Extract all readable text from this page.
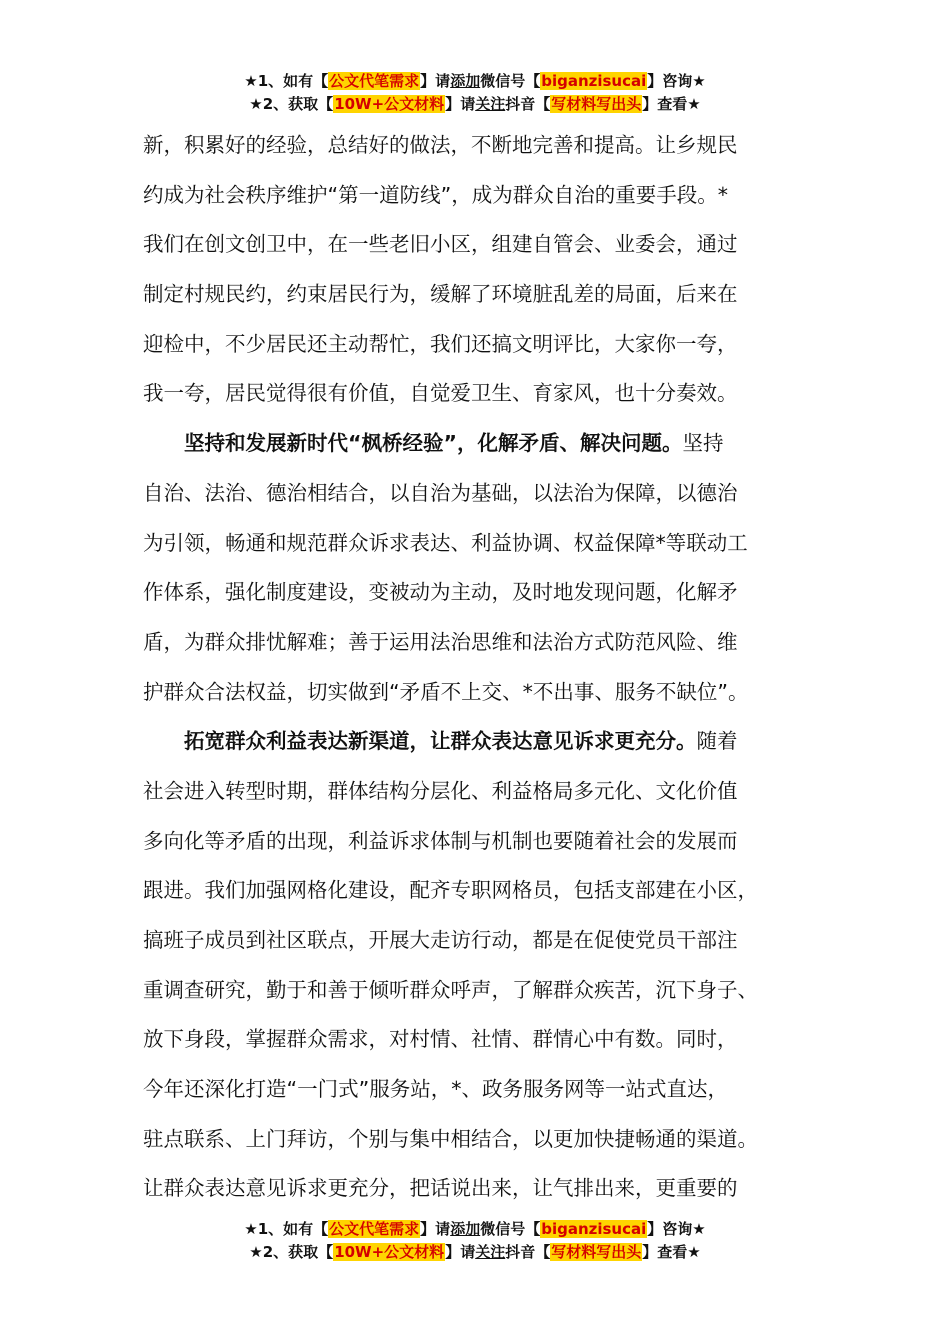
★1、如有【公文代笔需求】请添加微信号【biganzisucai】咨询★
★2、获取【10W+公文材料】请关注抖音【写材料写出头】查看★
新，积累好的经验，总结好的做法，不断地完善和提高。让乡规民
约成为社会秩序维护“第一道防线”，成为群众自治的重要手段。*
我们在创文创卫中，在一些老旧小区，组建自管会、业委会，通过
制定村规民约，约束居民行为，缓解了环境脏乱差的局面，后来在
迎检中，不少居民还主动帮忙，我们还搞文明评比，大家你一夸，
我一夸，居民觉得很有价值，自觉爱卫生、育家风，也十分奏效。
坚持和发展新时代“枫桥经验”，化解矛盾、解决问题。坚持
自治、法治、德治相结合，以自治为基础，以法治为保障，以德治
为引领，畅通和规范群众诉求表达、利益协调、权益保障*等联动工
作体系，强化制度建设，变被动为主动，及时地发现问题，化解矛
盾，为群众排忧解难；善于运用法治思维和法治方式防范风险、维
护群众合法权益，切实做到“矛盾不上交、*不出事、服务不缺位”。
拓宽群众利益表达新渠道，让群众表达意见诉求更充分。随着
社会进入转型时期，群体结构分层化、利益格局多元化、文化价值
多向化等矛盾的出现，利益诉求体制与机制也要随着社会的发展而
跟进。我们加强网格化建设，配齐专职网格员，包括支部建在小区，
搞班子成员到社区联点，开展大走访行动，都是在促使党员干部注
重调查研究，勤于和善于倾听群众呼声，了解群众疾苦，沉下身子、
放下身段，掌握群众需求，对村情、社情、群情心中有数。同时，
今年还深化打造“一门式”服务站，*、政务服务网等一站式直达，
驻点联系、上门拜访，个别与集中相结合，以更加快捷畅通的渠道。
让群众表达意见诉求更充分，把话说出来，让气排出来，更重要的
★1、如有【公文代笔需求】请添加微信号【biganzisucai】咨询★
★2、获取【10W+公文材料】请关注抖音【写材料写出头】查看★
